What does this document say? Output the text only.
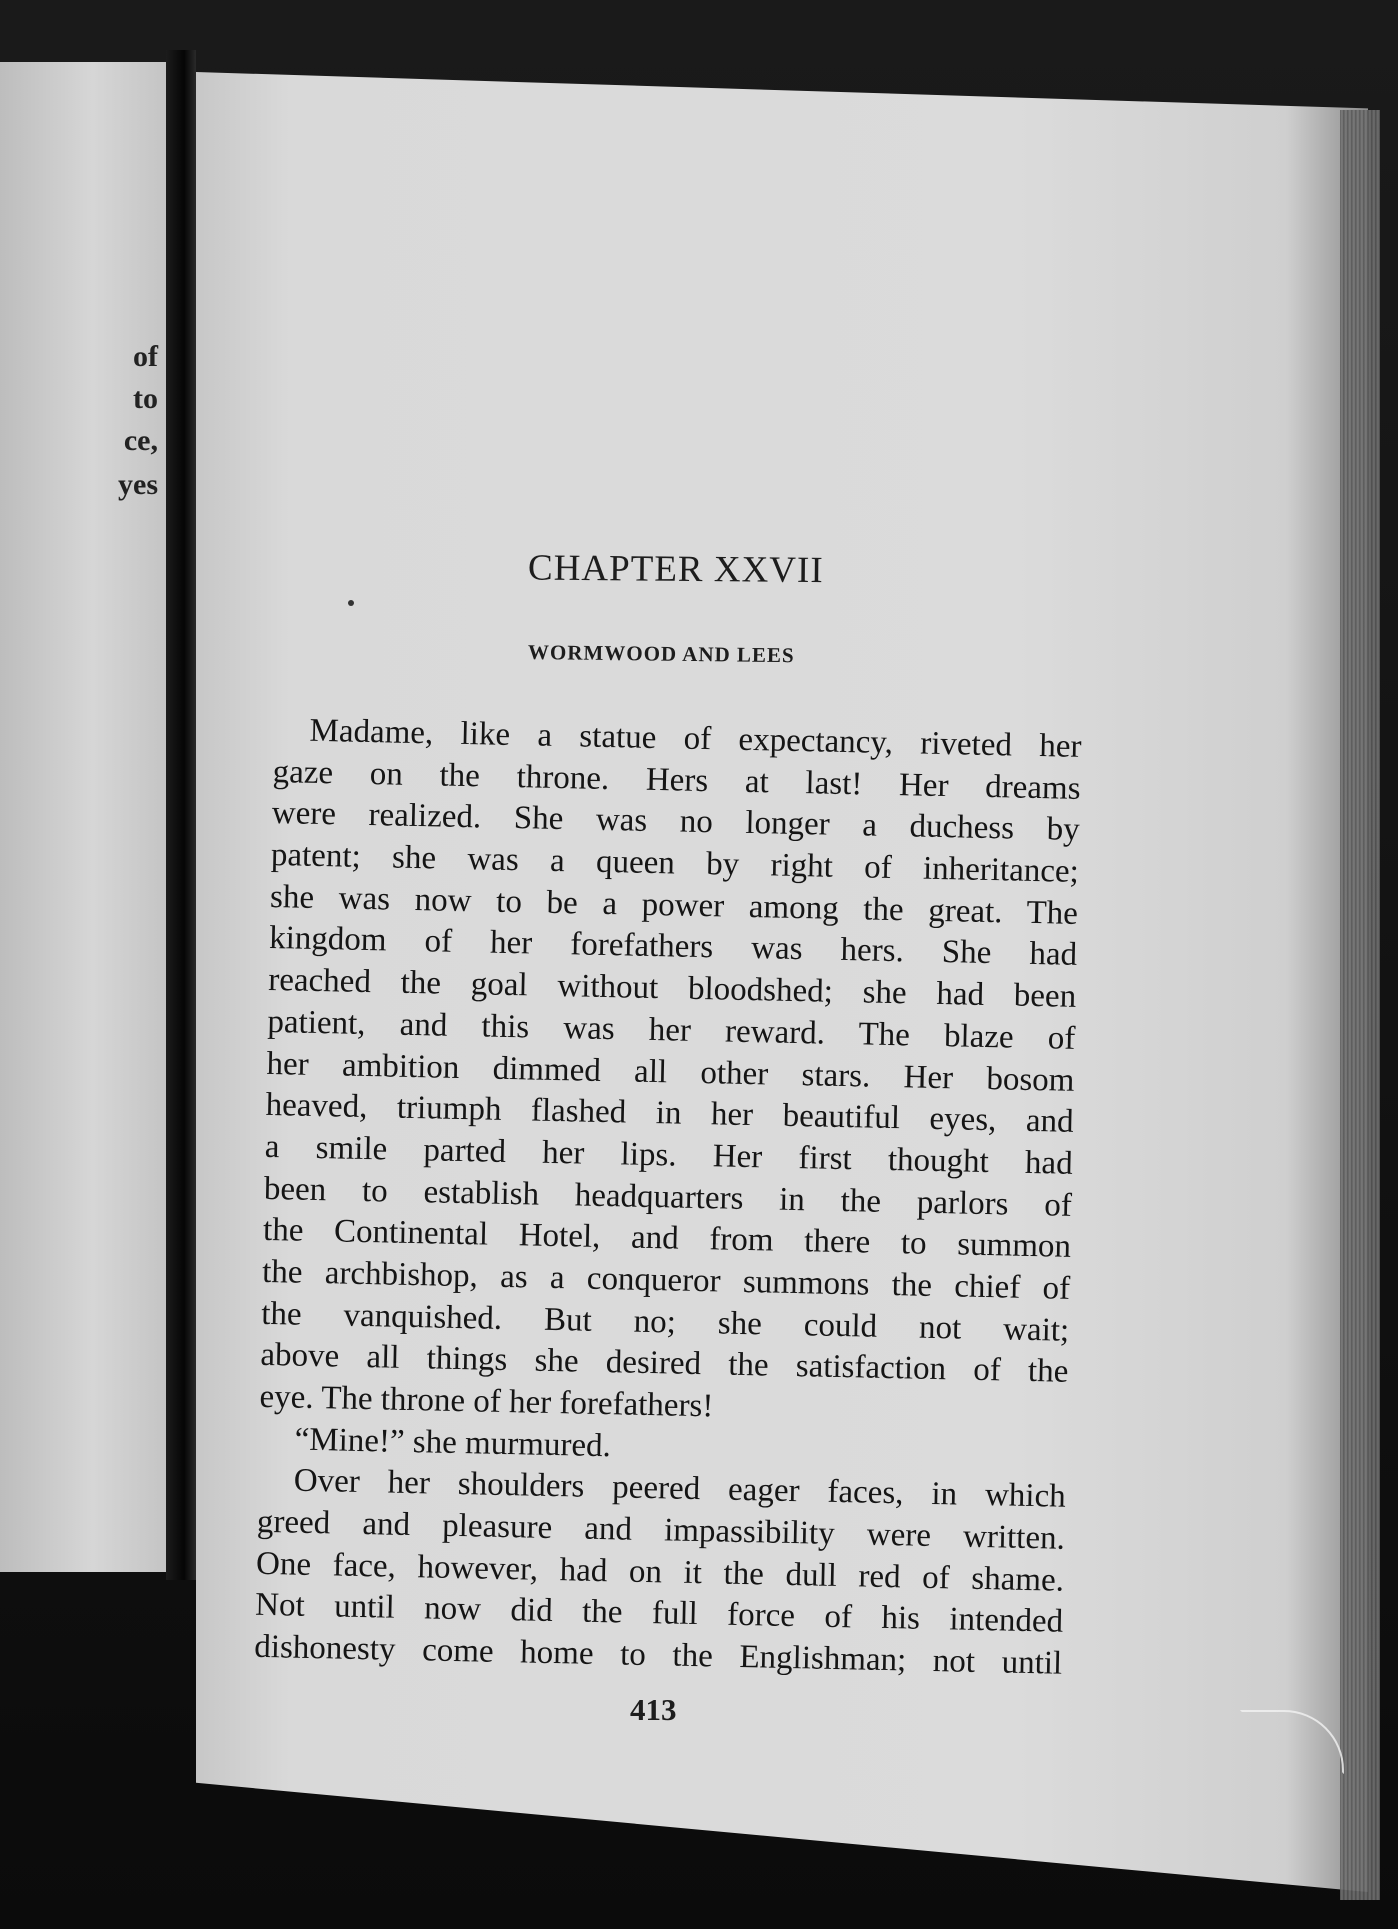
of
to
ce,
yes
CHAPTER XXVII
WORMWOOD AND LEES
Madame, like a statue of expectancy, riveted her
gaze on the throne. Hers at last! Her dreams
were realized. She was no longer a duchess by
patent; she was a queen by right of inheritance;
she was now to be a power among the great. The
kingdom of her forefathers was hers. She had
reached the goal without bloodshed; she had been
patient, and this was her reward. The blaze of
her ambition dimmed all other stars. Her bosom
heaved, triumph flashed in her beautiful eyes, and
a smile parted her lips. Her first thought had
been to establish headquarters in the parlors of
the Continental Hotel, and from there to summon
the archbishop, as a conqueror summons the chief of
the vanquished. But no; she could not wait;
above all things she desired the satisfaction of the
eye. The throne of her forefathers!
“Mine!” she murmured.
Over her shoulders peered eager faces, in which
greed and pleasure and impassibility were written.
One face, however, had on it the dull red of shame.
Not until now did the full force of his intended
dishonesty come home to the Englishman; not until
413
